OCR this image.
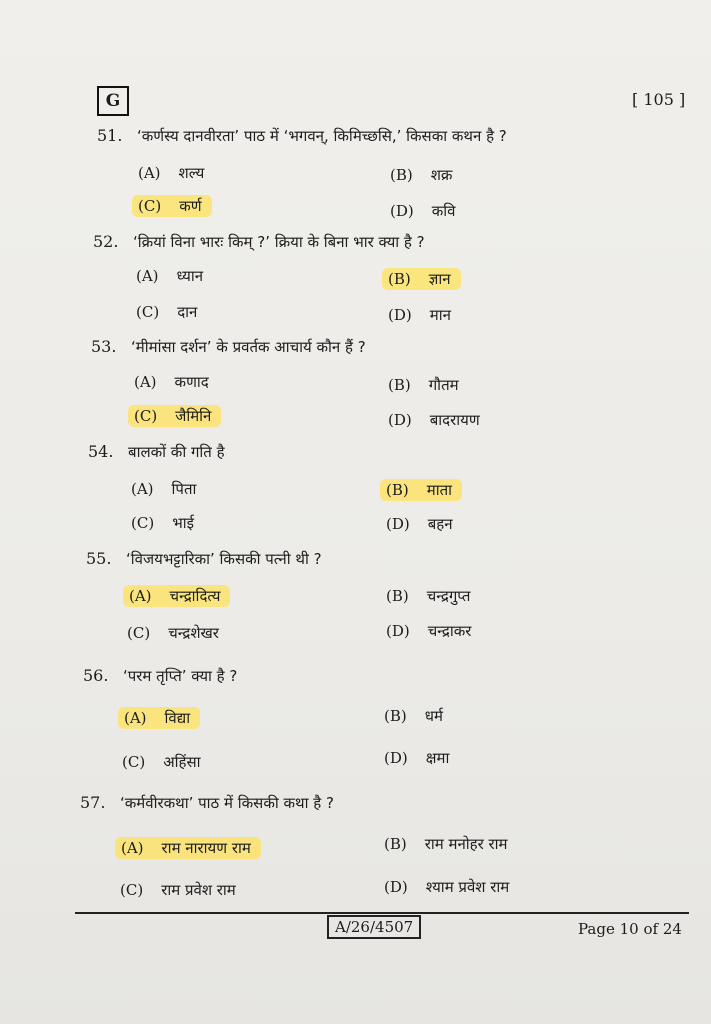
G	[ 105 ]
51. ‘कर्णस्य दानवीरता’ पाठ में ‘भगवन्, किमिच्छसि,’ किसका कथन है ?
(A) शल्य	(B) शक्र
(C) कर्ण	(D) कवि
52. ‘क्रियां विना भारः किम् ?’ क्रिया के बिना भार क्या है ?
(A) ध्यान	(B) ज्ञान
(C) दान	(D) मान
53. ‘मीमांसा दर्शन’ के प्रवर्तक आचार्य कौन हैं ?
(A) कणाद	(B) गौतम
(C) जैमिनि	(D) बादरायण
54. बालकों की गति है
(A) पिता	(B) माता
(C) भाई	(D) बहन
55. ‘विजयभट्टारिका’ किसकी पत्नी थी ?
(A) चन्द्रादित्य	(B) चन्द्रगुप्त
(C) चन्द्रशेखर	(D) चन्द्राकर
56. ‘परम तृप्ति’ क्या है ?
(A) विद्या	(B) धर्म
(C) अहिंसा	(D) क्षमा
57. ‘कर्मवीरकथा’ पाठ में किसकी कथा है ?
(A) राम नारायण राम	(B) राम मनोहर राम
(C) राम प्रवेश राम	(D) श्याम प्रवेश राम
A/26/4507	Page 10 of 24
